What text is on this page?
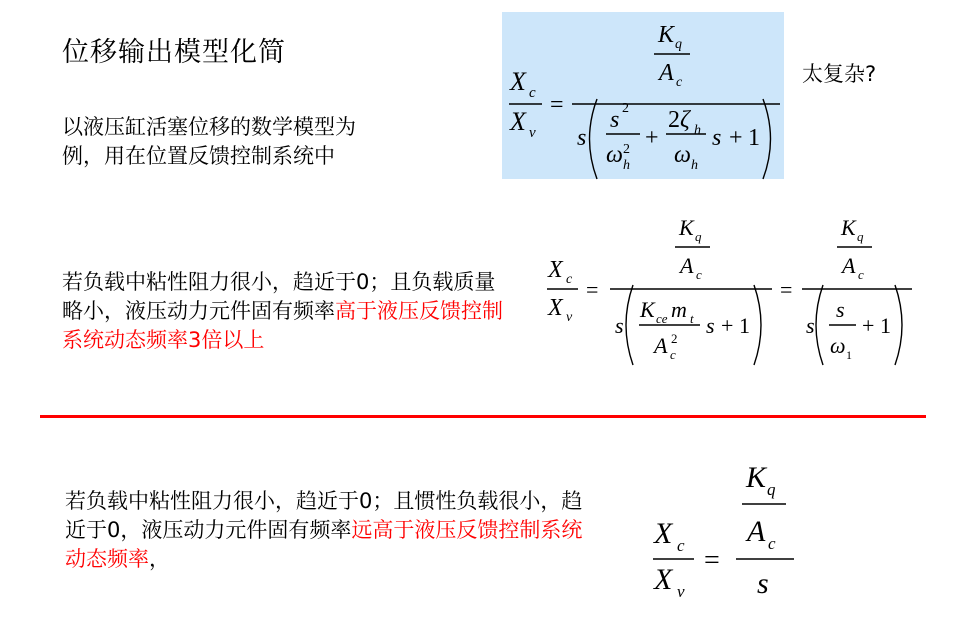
位移输出模型化简
以液压缸活塞位移的数学模型为例，用在位置反馈控制系统中
X c
X v
=
K q
A c
s
s 2
ω h
2 +
2 ζ h
ω h
s + 1
太复杂?
若负载中粘性阻力很小，趋近于0；且负载质量略小，液压动力元件固有频率高于液压反馈控制系统动态频率3倍以上
X c
X v
=
K q
A c
s
K ce m t
A c
2
s + 1
=
K q
A c
s
s
ω 1
+ 1
若负载中粘性阻力很小，趋近于0；且惯性负载很小，趋近于0，液压动力元件固有频率远高于液压反馈控制系统动态频率，
X c
X v
=
K q
A c
s
